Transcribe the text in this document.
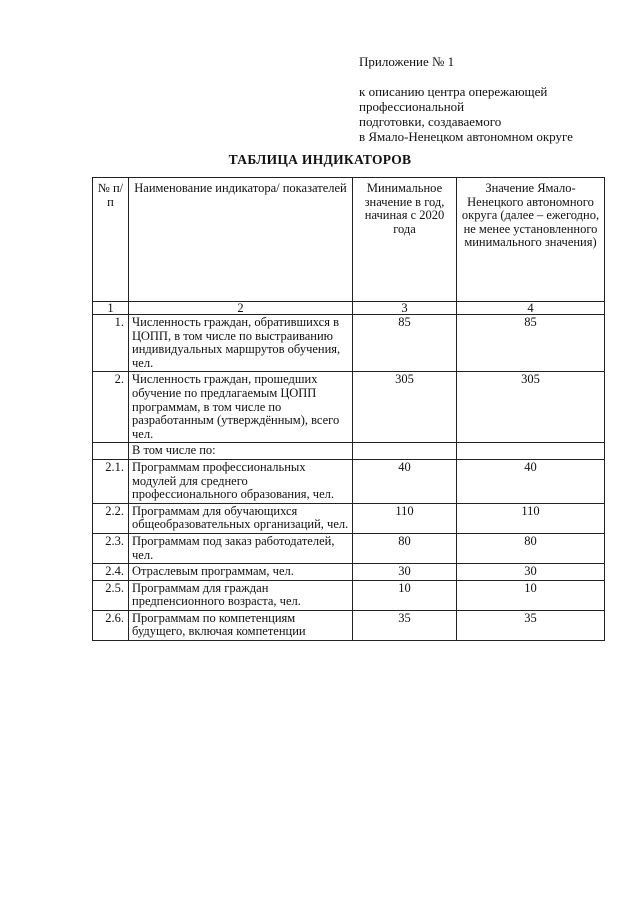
Приложение № 1
к описанию центра опережающей
профессиональной
подготовки, создаваемого
в Ямало-Ненецком автономном округе
ТАБЛИЦА ИНДИКАТОРОВ
№ п/п	Наименование индикатора/ показателей	Минимальное значение в год, начиная с 2020 года	Значение Ямало-Ненецкого автономного округа (далее – ежегодно, не менее установленного минимального значения)
1	2	3	4
1.	Численность граждан, обратившихся в ЦОПП, в том числе по выстраиванию индивидуальных маршрутов обучения, чел.	85	85
2.	Численность граждан, прошедших обучение по предлагаемым ЦОПП программам, в том числе по разработанным (утверждённым), всего чел.	305	305
	В том числе по:		
2.1.	Программам профессиональных модулей для среднего профессионального образования, чел.	40	40
2.2.	Программам для обучающихся общеобразовательных организаций, чел.	110	110
2.3.	Программам под заказ работодателей, чел.	80	80
2.4.	Отраслевым программам, чел.	30	30
2.5.	Программам для граждан предпенсионного возраста, чел.	10	10
2.6.	Программам по компетенциям будущего, включая компетенции	35	35
